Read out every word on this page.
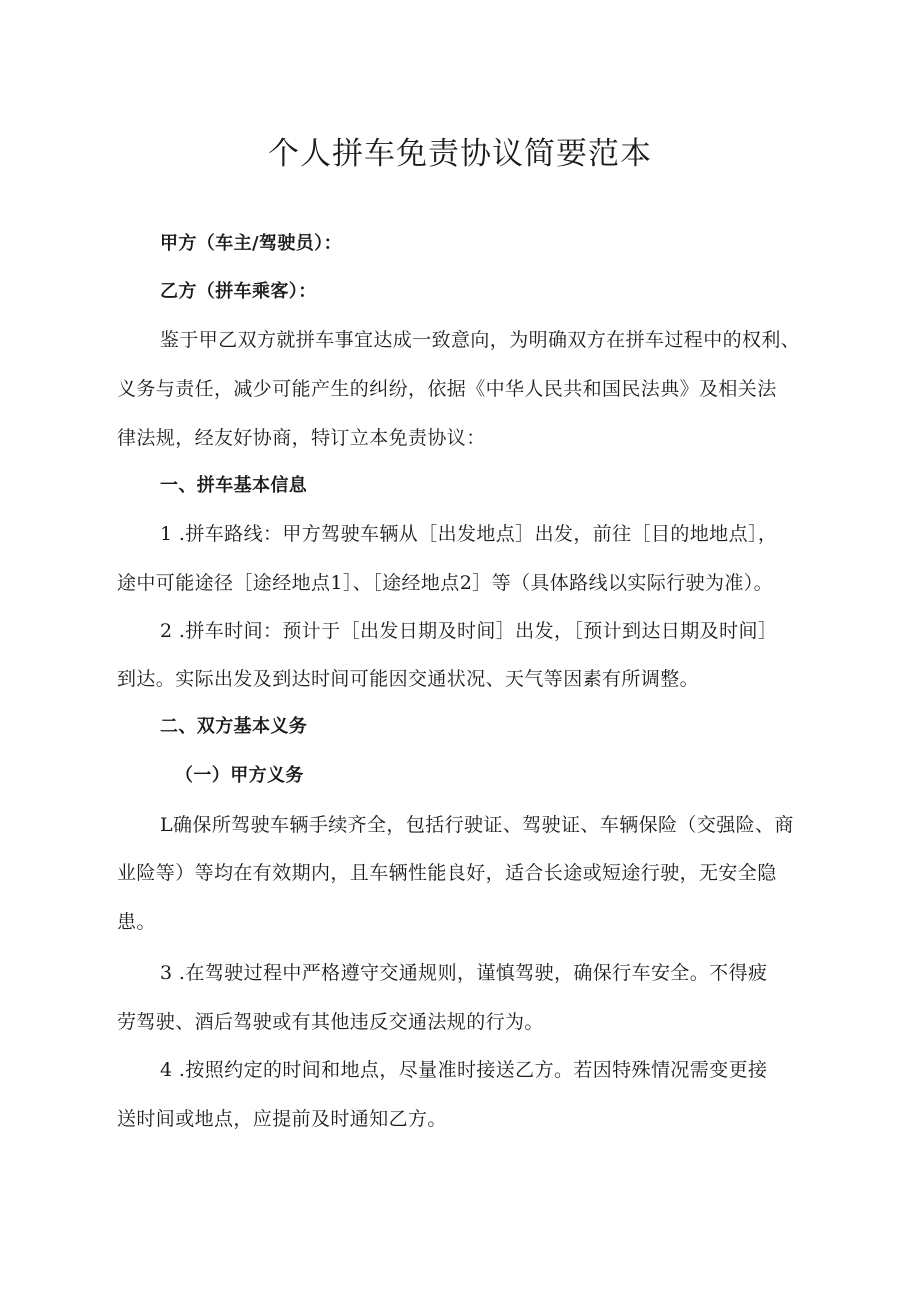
个人拼车免责协议简要范本
甲方（车主/驾驶员）：
乙方（拼车乘客）：
鉴于甲乙双方就拼车事宜达成一致意向，为明确双方在拼车过程中的权利、
义务与责任，减少可能产生的纠纷，依据《中华人民共和国民法典》及相关法
律法规，经友好协商，特订立本免责协议：
一、拼车基本信息
1 .拼车路线：甲方驾驶车辆从［出发地点］出发，前往［目的地地点］，
途中可能途径［途经地点1］、［途经地点2］等（具体路线以实际行驶为准）。
2 .拼车时间：预计于［出发日期及时间］出发，［预计到达日期及时间］
到达。实际出发及到达时间可能因交通状况、天气等因素有所调整。
二、双方基本义务
（一）甲方义务
L确保所驾驶车辆手续齐全，包括行驶证、驾驶证、车辆保险（交强险、商
业险等）等均在有效期内，且车辆性能良好，适合长途或短途行驶，无安全隐
患。
3 .在驾驶过程中严格遵守交通规则，谨慎驾驶，确保行车安全。不得疲
劳驾驶、酒后驾驶或有其他违反交通法规的行为。
4 .按照约定的时间和地点，尽量准时接送乙方。若因特殊情况需变更接
送时间或地点，应提前及时通知乙方。
